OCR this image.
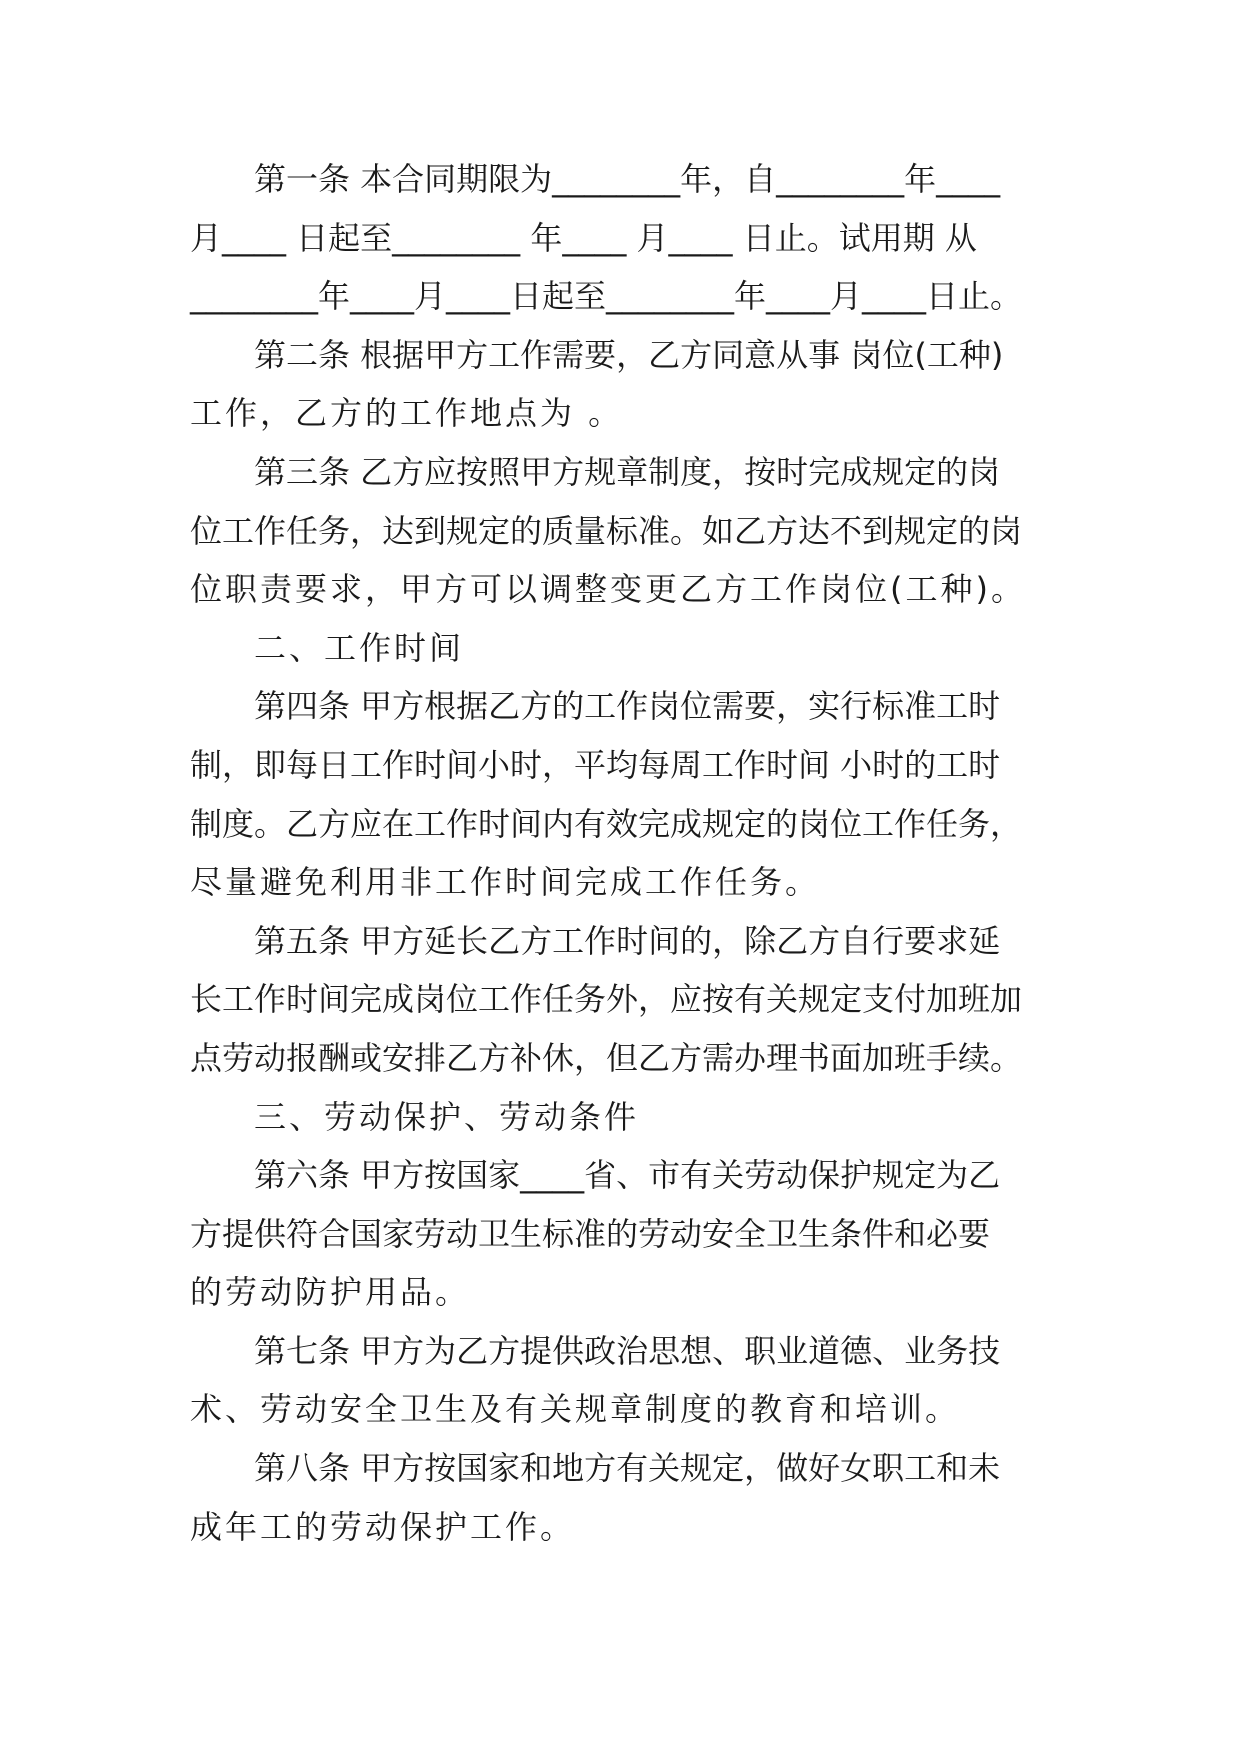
第一条 本合同期限为________年，自________年____
月____ 日起至________ 年____ 月____ 日止。试用期 从
________年____月____日起至________年____月____日止。
第二条 根据甲方工作需要，乙方同意从事 岗位(工种)
工作，乙方的工作地点为 。
第三条 乙方应按照甲方规章制度，按时完成规定的岗
位工作任务，达到规定的质量标准。如乙方达不到规定的岗
位职责要求，甲方可以调整变更乙方工作岗位(工种)。
二、工作时间
第四条 甲方根据乙方的工作岗位需要，实行标准工时
制，即每日工作时间小时，平均每周工作时间 小时的工时
制度。乙方应在工作时间内有效完成规定的岗位工作任务，
尽量避免利用非工作时间完成工作任务。
第五条 甲方延长乙方工作时间的，除乙方自行要求延
长工作时间完成岗位工作任务外，应按有关规定支付加班加
点劳动报酬或安排乙方补休，但乙方需办理书面加班手续。
三、劳动保护、劳动条件
第六条 甲方按国家____省、市有关劳动保护规定为乙
方提供符合国家劳动卫生标准的劳动安全卫生条件和必要
的劳动防护用品。
第七条 甲方为乙方提供政治思想、职业道德、业务技
术、劳动安全卫生及有关规章制度的教育和培训。
第八条 甲方按国家和地方有关规定，做好女职工和未
成年工的劳动保护工作。
